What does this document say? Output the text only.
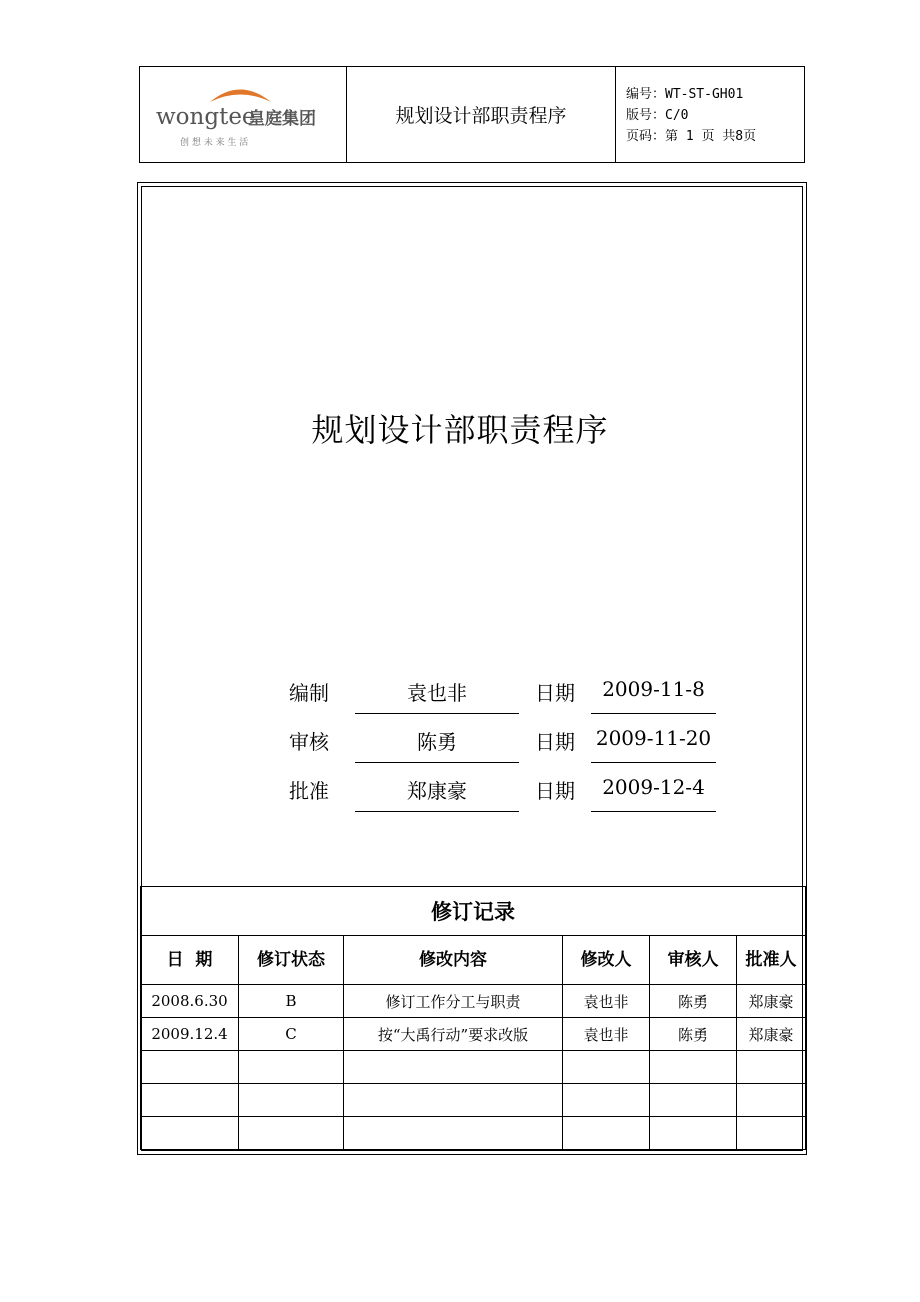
wongtee
皇庭集团
创 想 未 来 生 活
规划设计部职责程序
编号：WT-ST-GH01
版号：C/0
页码：第 1 页 共8页
规划设计部职责程序
编制	袁也非	日期	2009-11-8
审核	陈勇	日期 2009-11-20
批准	郑康豪	日期	2009-12-4
修订记录					
日  期	修订状态	修改内容	修改人	审核人	批准人
2008.6.30	B	修订工作分工与职责	袁也非	陈勇	郑康豪
2009.12.4	C	按“大禹行动”要求改版	袁也非	陈勇	郑康豪
